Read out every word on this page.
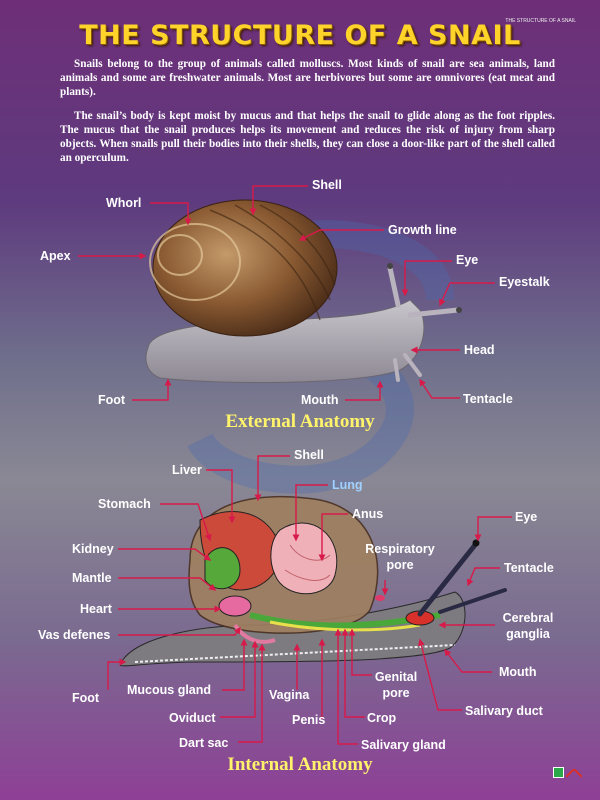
THE STRUCTURE OF A SNAIL
THE STRUCTURE OF A SNAIL

Snails belong to the group of animals called molluscs. Most kinds of snail are sea animals, land animals and some are freshwater animals. Most are herbivores but some are omnivores (eat meat and plants).

The snail’s body is kept moist by mucus and that helps the snail to glide along as the foot ripples. The mucus that the snail produces helps its movement and reduces the risk of injury from sharp objects. When snails pull their bodies into their shells, they can close a door-like part of the shell called an operculum.

Shell
Whorl
Growth line
Apex	Eye
Eyestalk
Head
Foot	Mouth	Tentacle
External Anatomy
Shell
Liver
Lung
Stomach
Anus	Eye
Kidney	Respiratory
pore
Mantle
Tentacle
Heart
Cerebral
ganglia
Vas defenes
Mouth
Foot
Mucous gland
Genital
pore
Vagina
Salivary duct
Oviduct	Penis	Crop
Dart sac	Salivary gland
Internal Anatomy
